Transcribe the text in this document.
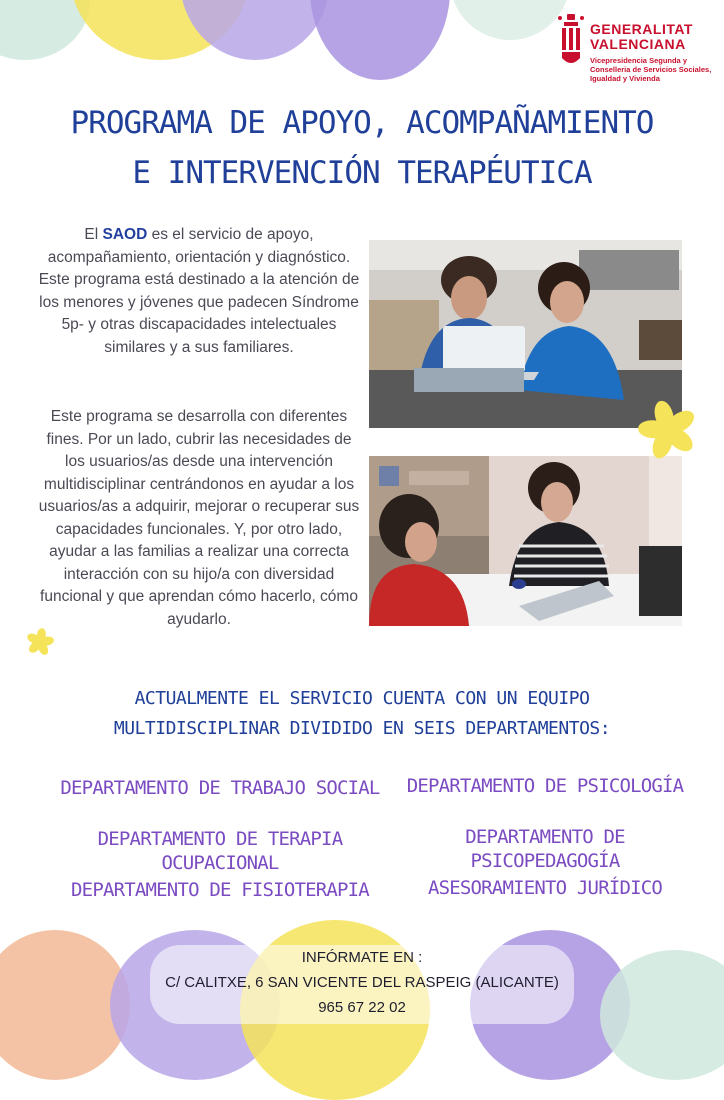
GENERALITAT VALENCIANA
Vicepresidencia Segunda y Conselleria de Servicios Sociales, Igualdad y Vivienda
PROGRAMA DE APOYO, ACOMPAÑAMIENTO E INTERVENCIÓN TERAPÉUTICA
El SAOD es el servicio de apoyo, acompañamiento, orientación y diagnóstico. Este programa está destinado a la atención de los menores y jóvenes que padecen Síndrome 5p- y otras discapacidades intelectuales similares y a sus familiares.
Este programa se desarrolla con diferentes fines. Por un lado, cubrir las necesidades de los usuarios/as desde una intervención multidisciplinar centrándonos en ayudar a los usuarios/as a adquirir, mejorar o recuperar sus capacidades funcionales. Y, por otro lado, ayudar a las familias a realizar una correcta interacción con su hijo/a con diversidad funcional y que aprendan cómo hacerlo, cómo ayudarlo.
ACTUALMENTE EL SERVICIO CUENTA CON UN EQUIPO MULTIDISCIPLINAR DIVIDIDO EN SEIS DEPARTAMENTOS:
DEPARTAMENTO DE TRABAJO SOCIAL	DEPARTAMENTO DE PSICOLOGÍA
DEPARTAMENTO DE TERAPIA OCUPACIONAL
DEPARTAMENTO DE PSICOPEDAGOGÍA
DEPARTAMENTO DE FISIOTERAPIA	ASESORAMIENTO JURÍDICO
INFÓRMATE EN :
C/ CALITXE, 6 SAN VICENTE DEL RASPEIG (ALICANTE)
965 67 22 02
